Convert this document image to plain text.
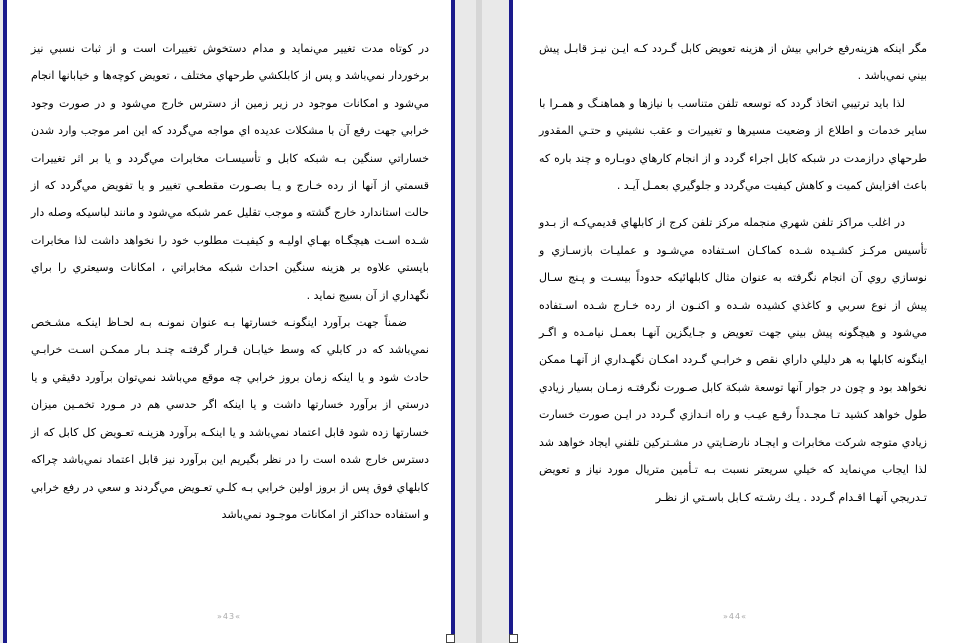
در كوتاه مدت تغيير مي‌نمايد و مدام دستخوش تغييرات است و از ثبات نسبي نيز برخوردار نمي‌باشد و پس از كابلكشي طرحهاي مختلف ، تعويض كوچه‌ها و خيابانها انجام مي‌شود و امكانات موجود در زير زمين از دسترس خارج مي‌شود و در صورت وجود خرابي جهت رفع آن با مشكلات عديده اي مواجه مي‌گردد كه اين امر موجب وارد شدن خساراتي سنگين بـه شبكه كابل و تأسيسـات مخابرات مي‌گردد و يا بر اثر تغييرات قسمتي از آنها از رده خـارج و يـا بصـورت مقطعـي تغيير و يا تفويض مي‌گردد كه از حالت استاندارد خارج گشته و موجب تقليل عمر شبكه مي‌شود و مانند لباسيكه وصله دار شـده اسـت هيچگـاه بهـاي اوليـه و كيفيـت مطلوب خود را نخواهد داشت لذا مخابرات بايستي علاوه بر هزينه سنگين احداث شبكه مخابراتي ، امكانات وسيعتري را براي نگهداري از آن بسيج نمايد .

ضمناً جهت برآورد اينگونـه خسارتها بـه عنوان نمونـه بـه لحـاظ اينكـه مشـخص نمي‌باشد كه در كابلي كه وسط خيابـان قـرار گرفتـه چنـد بـار ممكـن اسـت خرابـي حادث شود و يا اينكه زمان بروز خرابي چه موقع مي‌باشد نمي‌توان برآورد دقيقي و يا درستي از برآورد خسارتها داشت و يا اينكه اگر حدسي هم در مـورد تخمـين ميزان خسارتها زده شود قابل اعتماد نمي‌باشد و يا اينكـه برآورد هزينـه تعـويض كل كابل كه از دسترس خارج شده است را در نظر بگيريم اين برآورد نيز قابل اعتماد نمي‌باشد چراكه كابلهاي فوق پس از بروز اولين خرابي بـه كلـي تعـويض مي‌گردند و سعي در رفع خرابي و استفاده حداكثر از امكانات موجـود نمي‌باشد

»43«

مگر اينكه هزينه‌رفع خرابي بيش از هزينه تعويض كابل گـردد كـه ايـن نيـز قابـل پيش بيني نمي‌باشد .

لذا بايد ترتيبي اتخاذ گردد كه توسعه تلفن متناسب با نيازها و هماهنـگ و همـرا با ساير خدمات و اطلاع از وضعيت مسيرها و تغييرات و عقب نشيني و حتـي المقدور طرحهاي درازمدت در شبكه كابل اجراء گردد و از انجام كارهاي دوبـاره و چند باره كه باعث افزايش كميت و كاهش كيفيت مي‌گردد و جلوگيري بعمـل آيـد .

در اغلب مراكز تلفن شهري منجمله مركز تلفن كرج از كابلهاي قديمي‌كـه از بـدو تأسيس مركـز كشـيده شـده كماكـان اسـتفاده مي‌شـود و عمليـات بازسـازي و نوسازي روي آن انجام نگرفته به عنوان مثال كابلهائيكه حدوداً بيسـت و پـنج سـال پيش از نوع سربي و كاغذي كشيده شـده و اكنـون از رده خـارج شـده اسـتفاده مي‌شود و هيچگونه پيش بيني جهت تعويض و جـايگزين آنهـا بعمـل نيامـده و اگـر اينگونه كابلها به هر دليلي داراي نقص و خرابـي گـردد امكـان نگهـداري از آنهـا ممكن نخواهد بود و چون در جوار آنها توسعة شبكة كابل صـورت نگرفتـه زمـان بسيار زيادي طول خواهد كشيد تـا مجـدداً رفـع عيـب و راه انـدازي گـردد در ايـن صورت خسارت زيادي متوجه شركت مخابرات و ايجـاد نارضـايتي در مشـتركين تلفني ايجاد خواهد شد لذا ايجاب مي‌نمايد كه خيلي سريعتر نسبت بـه تـأمين متريال مورد نياز و تعويض تـدريجي آنهـا اقـدام گـردد . يـك رشـته كـابل باسـتي از نظـر

»44«
